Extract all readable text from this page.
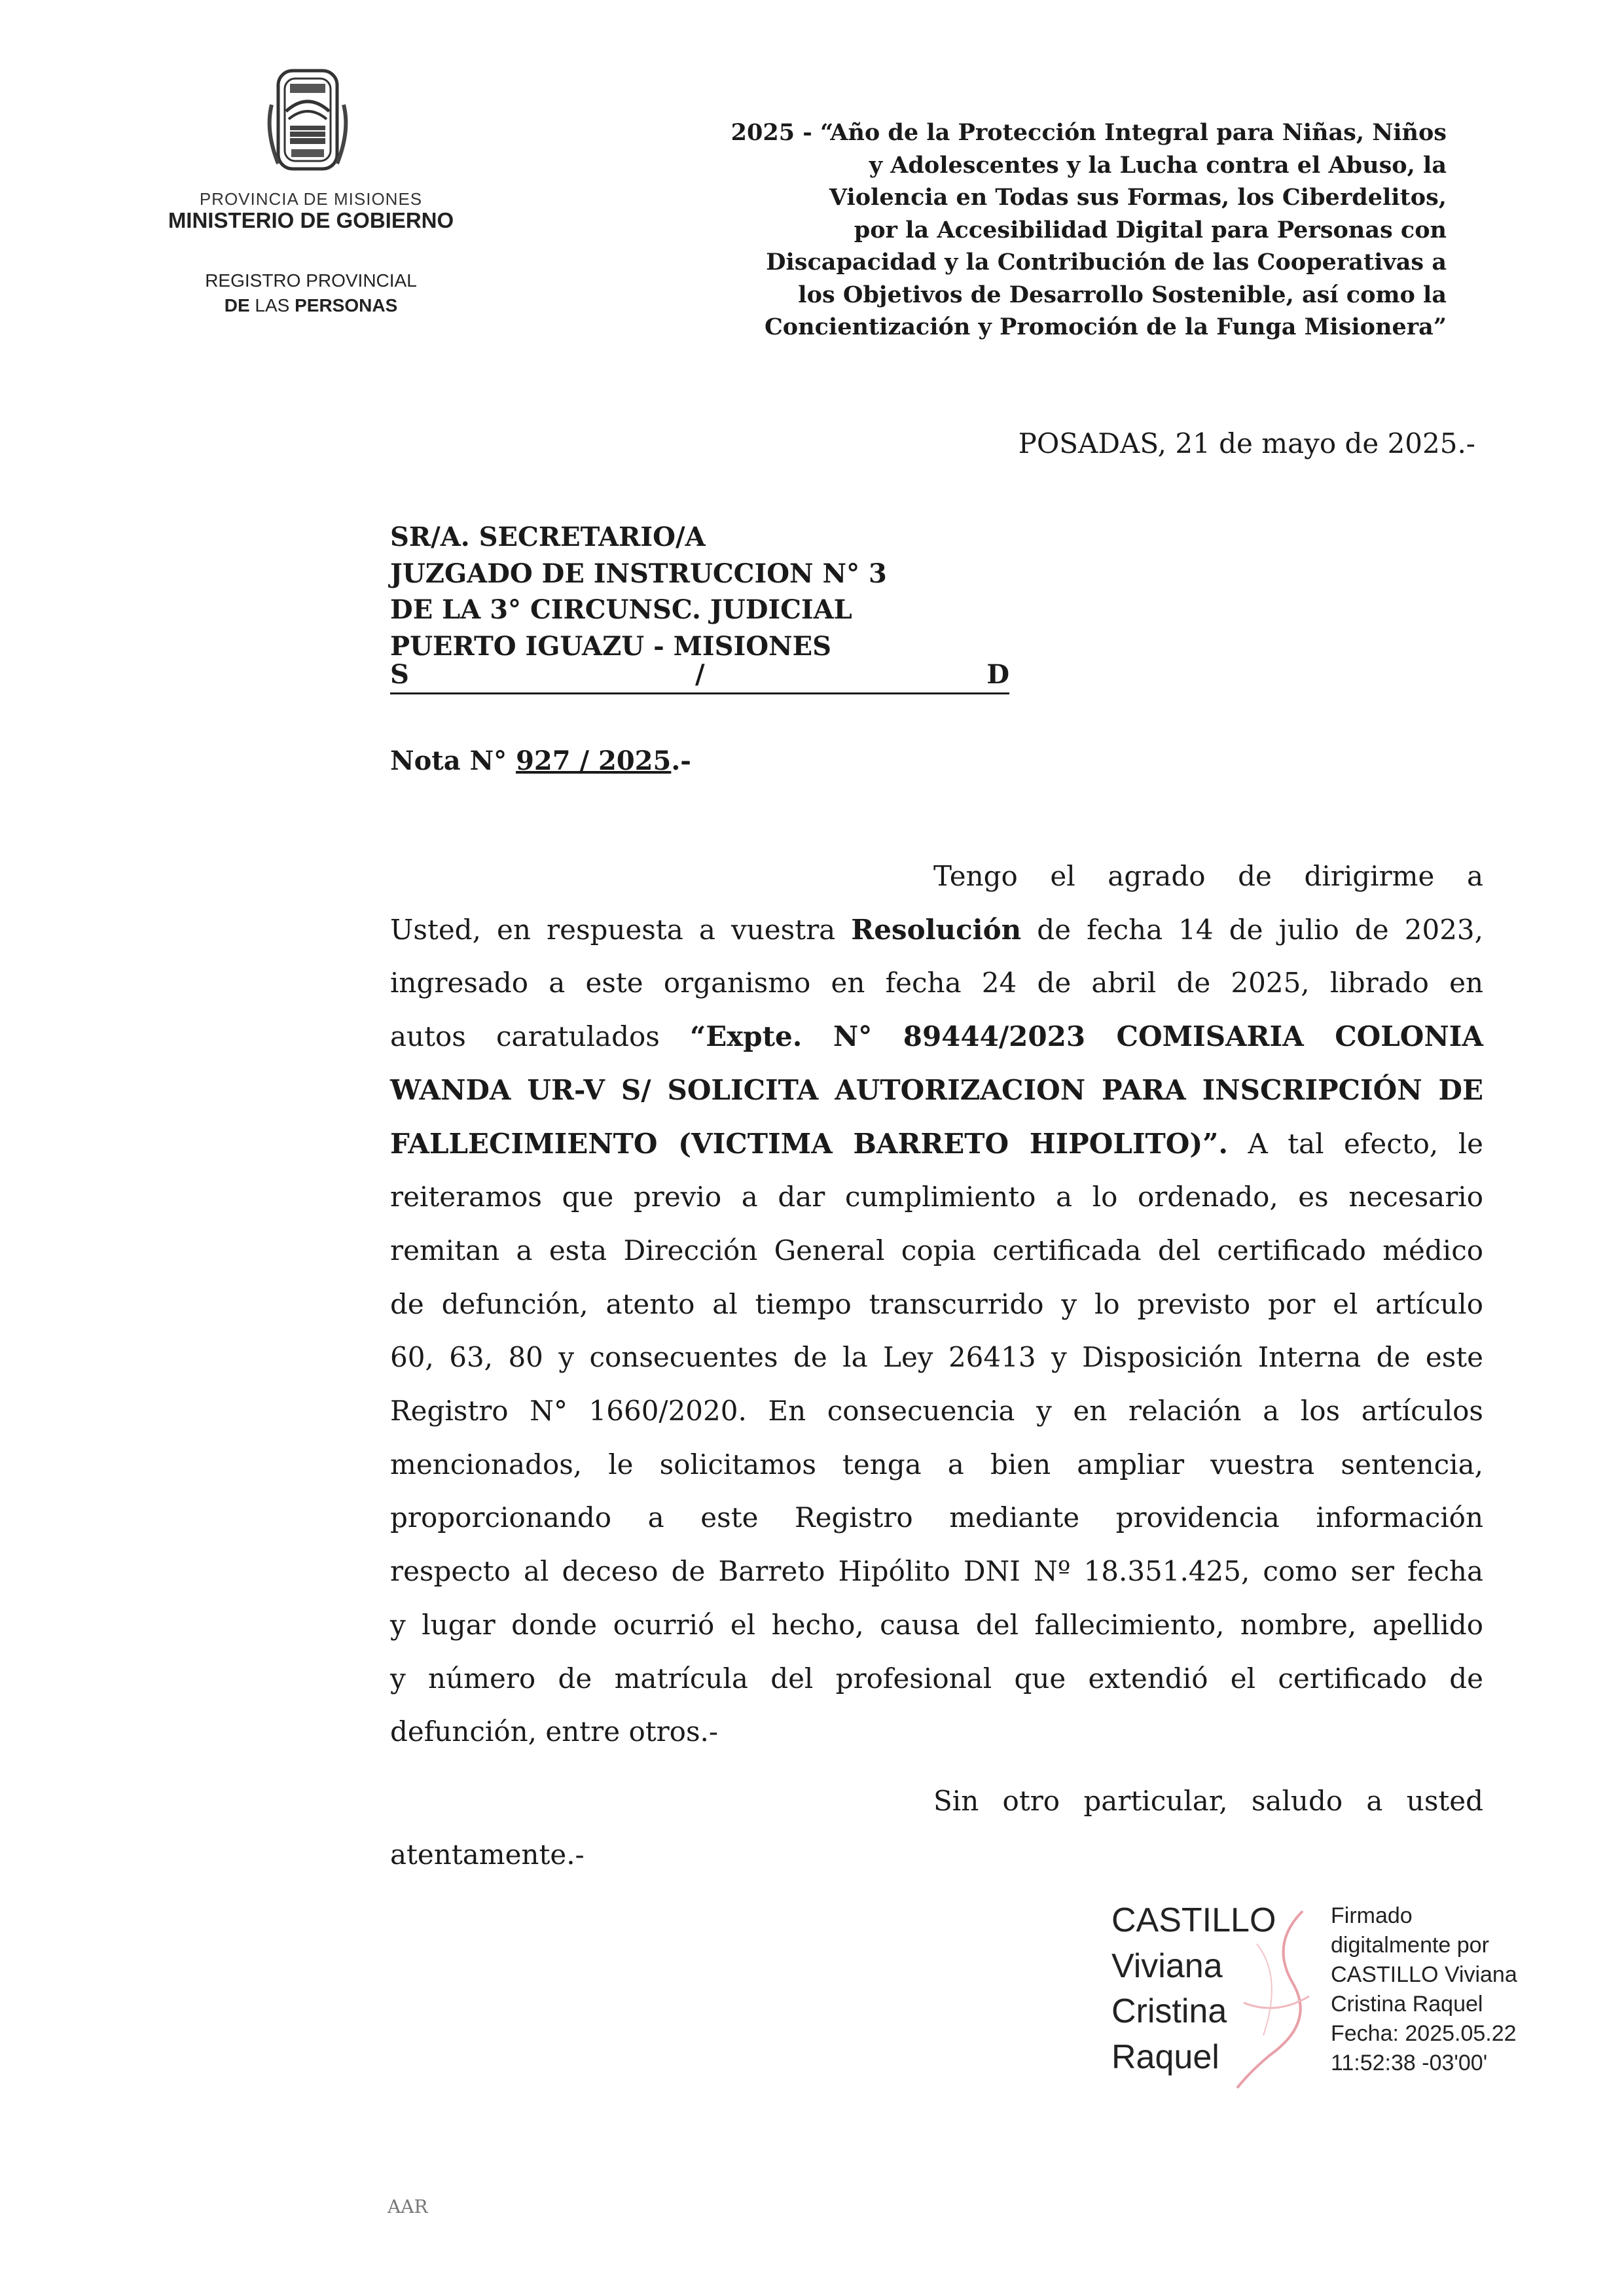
PROVINCIA DE MISIONES
MINISTERIO DE GOBIERNO
REGISTRO PROVINCIAL
DE LAS PERSONAS
2025 - “Año de la Protección Integral para Niñas, Niños
y Adolescentes y la Lucha contra el Abuso, la
Violencia en Todas sus Formas, los Ciberdelitos,
por la Accesibilidad Digital para Personas con
Discapacidad y la Contribución de las Cooperativas a
los Objetivos de Desarrollo Sostenible, así como la
Concientización y Promoción de la Funga Misionera”
POSADAS, 21 de mayo de 2025.-
SR/A. SECRETARIO/A
JUZGADO DE INSTRUCCION N° 3
DE LA 3° CIRCUNSC. JUDICIAL
PUERTO IGUAZU - MISIONES
S	/	D
Nota N° 927 / 2025.-
Tengo el agrado de dirigirme a
Usted, en respuesta a vuestra Resolución de fecha 14 de julio de 2023,
ingresado a este organismo en fecha 24 de abril de 2025, librado en
autos caratulados “Expte. N° 89444/2023 COMISARIA COLONIA
WANDA UR-V S/ SOLICITA AUTORIZACION PARA INSCRIPCIÓN DE
FALLECIMIENTO (VICTIMA BARRETO HIPOLITO)”. A tal efecto, le
reiteramos que previo a dar cumplimiento a lo ordenado, es necesario
remitan a esta Dirección General copia certificada del certificado médico
de defunción, atento al tiempo transcurrido y lo previsto por el artículo
60, 63, 80 y consecuentes de la Ley 26413 y Disposición Interna de este
Registro N° 1660/2020. En consecuencia y en relación a los artículos
mencionados, le solicitamos tenga a bien ampliar vuestra sentencia,
proporcionando a este Registro mediante providencia información
respecto al deceso de Barreto Hipólito DNI Nº 18.351.425, como ser fecha
y lugar donde ocurrió el hecho, causa del fallecimiento, nombre, apellido
y número de matrícula del profesional que extendió el certificado de
defunción, entre otros.-
Sin otro particular, saludo a usted
atentamente.-
CASTILLO
Viviana
Cristina
Raquel
Firmado
digitalmente por
CASTILLO Viviana
Cristina Raquel
Fecha: 2025.05.22
11:52:38 -03'00'
AAR
